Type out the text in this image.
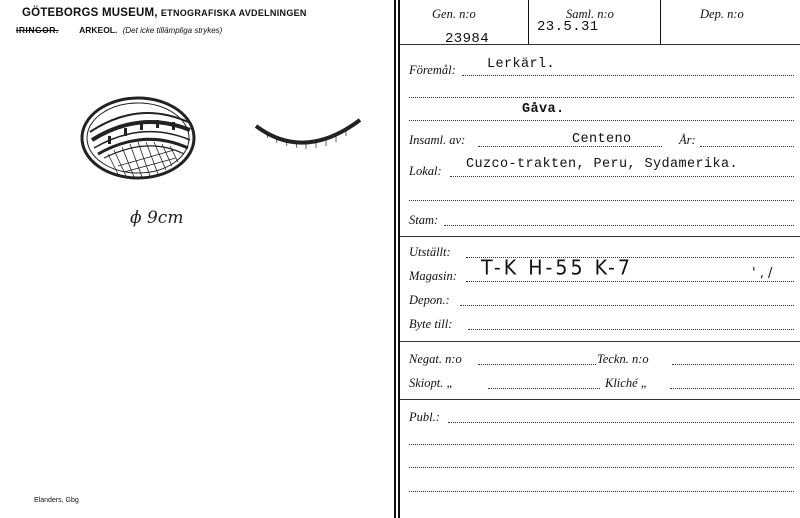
GÖTEBORGS MUSEUM, ETNOGRAFISKA AVDELNINGEN
IRINGOR. ARKEOL. (Det icke tillämpliga strykes)
ϕ 9cm
Elanders, Gbg
Gen. n:o
23984
Saml. n:o
23.5.31
Dep. n:o
Föremål: Lerkärl.
Gåva.
Insaml. av:	Centeno	År:
Lokal: Cuzco-trakten, Peru, Sydamerika.
Stam:
Utställt:
Magasin: T-K H-55 K-7	' , /
Depon.:
Byte till:
Negat. n:o	Teckn. n:o
Skiopt. „	Kliché „
Publ.:
